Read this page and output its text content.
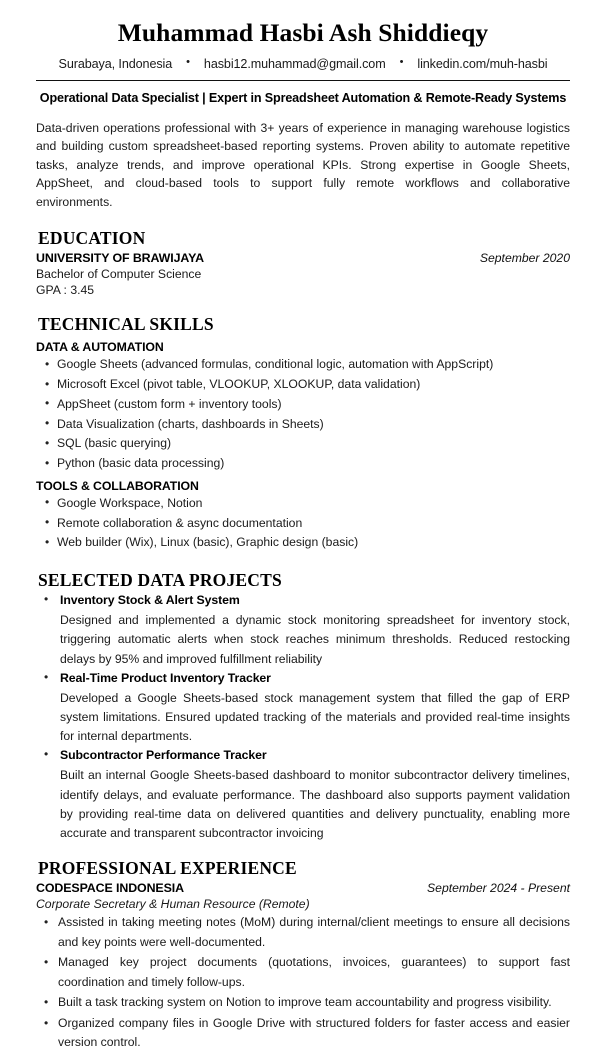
Muhammad Hasbi Ash Shiddieqy
Surabaya, Indonesia • hasbi12.muhammad@gmail.com • linkedin.com/muh-hasbi
Operational Data Specialist | Expert in Spreadsheet Automation & Remote-Ready Systems

Data-driven operations professional with 3+ years of experience in managing warehouse logistics and building custom spreadsheet-based reporting systems. Proven ability to automate repetitive tasks, analyze trends, and improve operational KPIs. Strong expertise in Google Sheets, AppSheet, and cloud-based tools to support fully remote workflows and collaborative environments.

EDUCATION
UNIVERSITY OF BRAWIJAYA	September 2020
Bachelor of Computer Science
GPA : 3.45
TECHNICAL SKILLS
DATA & AUTOMATION
• Google Sheets (advanced formulas, conditional logic, automation with AppScript)
• Microsoft Excel (pivot table, VLOOKUP, XLOOKUP, data validation)
• AppSheet (custom form + inventory tools)
• Data Visualization (charts, dashboards in Sheets)
• SQL (basic querying)
• Python (basic data processing)
TOOLS & COLLABORATION
• Google Workspace, Notion
• Remote collaboration & async documentation
• Web builder (Wix), Linux (basic), Graphic design (basic)
SELECTED DATA PROJECTS
• Inventory Stock & Alert System
Designed and implemented a dynamic stock monitoring spreadsheet for inventory stock, triggering automatic alerts when stock reaches minimum thresholds. Reduced restocking delays by 95% and improved fulfillment reliability
• Real-Time Product Inventory Tracker
Developed a Google Sheets-based stock management system that filled the gap of ERP system limitations. Ensured updated tracking of the materials and provided real-time insights for internal departments.
• Subcontractor Performance Tracker
Built an internal Google Sheets-based dashboard to monitor subcontractor delivery timelines, identify delays, and evaluate performance. The dashboard also supports payment validation by providing real-time data on delivered quantities and delivery punctuality, enabling more accurate and transparent subcontractor invoicing
PROFESSIONAL EXPERIENCE
CODESPACE INDONESIA	September 2024 - Present
Corporate Secretary & Human Resource (Remote)
• Assisted in taking meeting notes (MoM) during internal/client meetings to ensure all decisions and key points were well-documented.
• Managed key project documents (quotations, invoices, guarantees) to support fast coordination and timely follow-ups.
• Built a task tracking system on Notion to improve team accountability and progress visibility.
• Organized company files in Google Drive with structured folders for faster access and easier version control.
